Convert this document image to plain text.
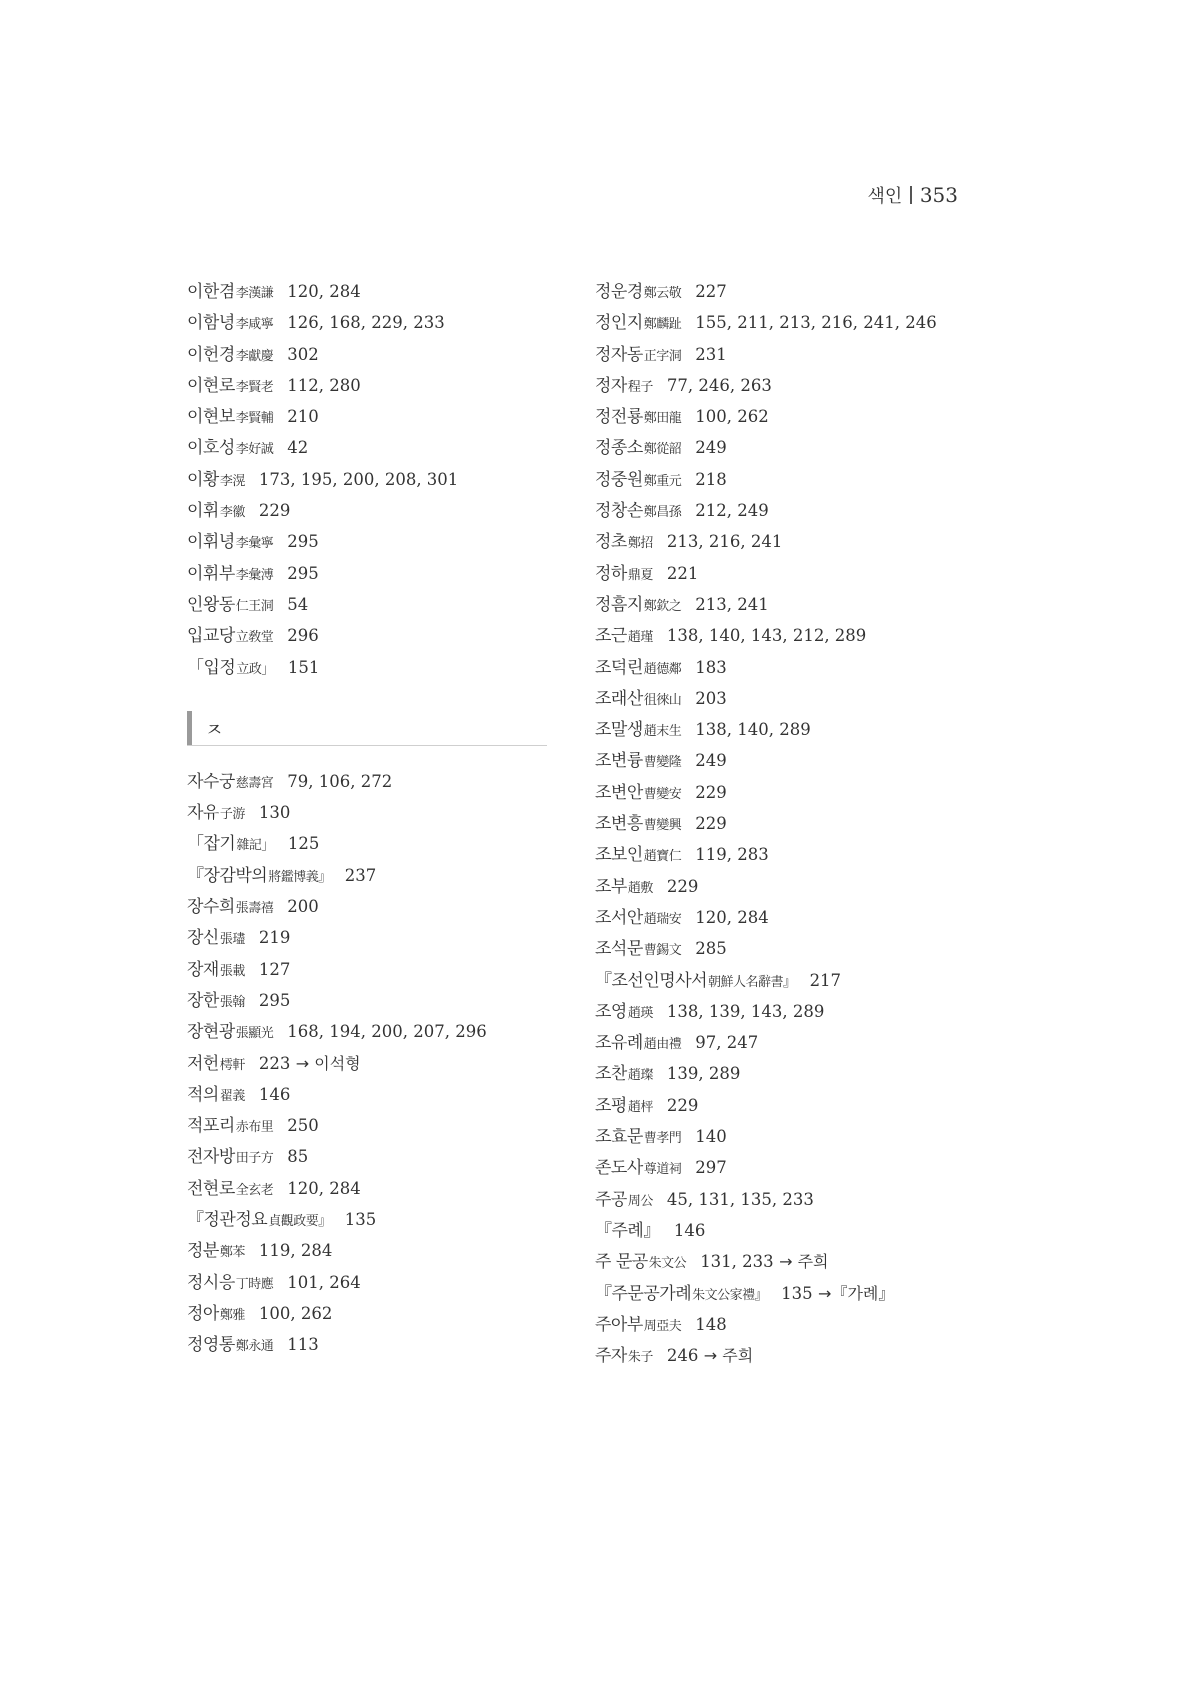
색인 353
이한겸李漢謙 120, 284
이함녕李咸寧 126, 168, 229, 233
이헌경李獻慶 302
이현로李賢老 112, 280
이현보李賢輔 210
이호성李好誠 42
이황李滉 173, 195, 200, 208, 301
이휘李徽 229
이휘녕李彙寧 295
이휘부李彙溥 295
인왕동仁王洞 54
입교당立敎堂 296
「입정立政」 151
ㅈ
자수궁慈壽宮 79, 106, 272
자유子游 130
「잡기雜記」 125
『장감박의將鑑博義』 237
장수희張壽禧 200
장신張璶 219
장재張載 127
장한張翰 295
장현광張顯光 168, 194, 200, 207, 296
저헌樗軒 223 → 이석형
적의翟義 146
적포리赤布里 250
전자방田子方 85
전현로全玄老 120, 284
『정관정요貞觀政要』 135
정분鄭苯 119, 284
정시응丁時應 101, 264
정아鄭雅 100, 262
정영통鄭永通 113
정운경鄭云敬 227
정인지鄭麟趾 155, 211, 213, 216, 241, 246
정자동正字洞 231
정자程子 77, 246, 263
정전룡鄭田龍 100, 262
정종소鄭從韶 249
정중원鄭重元 218
정창손鄭昌孫 212, 249
정초鄭招 213, 216, 241
정하鼎夏 221
정흠지鄭欽之 213, 241
조근趙瑾 138, 140, 143, 212, 289
조덕린趙德鄰 183
조래산徂徠山 203
조말생趙末生 138, 140, 289
조변륭曹變隆 249
조변안曹變安 229
조변흥曹變興 229
조보인趙寶仁 119, 283
조부趙敷 229
조서안趙瑞安 120, 284
조석문曹錫文 285
『조선인명사서朝鮮人名辭書』 217
조영趙瑛 138, 139, 143, 289
조유례趙由禮 97, 247
조찬趙璨 139, 289
조평趙枰 229
조효문曹孝門 140
존도사尊道祠 297
주공周公 45, 131, 135, 233
『주례』 146
주 문공朱文公 131, 233 → 주희
『주문공가례朱文公家禮』 135 →『가례』
주아부周亞夫 148
주자朱子 246 → 주희
